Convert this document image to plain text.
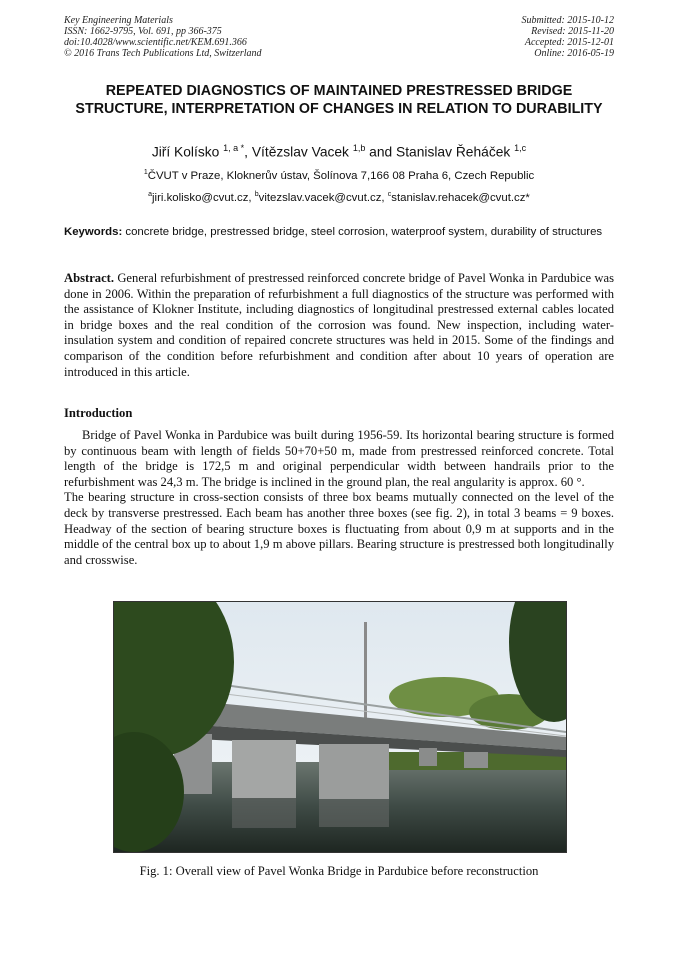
Key Engineering Materials
ISSN: 1662-9795, Vol. 691, pp 366-375
doi:10.4028/www.scientific.net/KEM.691.366
© 2016 Trans Tech Publications Ltd, Switzerland
Submitted: 2015-10-12
Revised: 2015-11-20
Accepted: 2015-12-01
Online: 2016-05-19
REPEATED DIAGNOSTICS OF MAINTAINED PRESTRESSED BRIDGE STRUCTURE, INTERPRETATION OF CHANGES IN RELATION TO DURABILITY
Jiří Kolísko $^{1, a *}$, Vítězslav Vacek $^{1,b}$ and Stanislav Řeháček $^{1,c}$
$^1$ČVUT v Praze, Kloknerův ústav, Šolínova 7,166 08 Praha 6, Czech Republic
$^a$jiri.kolisko@cvut.cz, $^b$vitezslav.vacek@cvut.cz, $^c$stanislav.rehacek@cvut.cz*
Keywords: concrete bridge, prestressed bridge, steel corrosion, waterproof system, durability of structures
Abstract. General refurbishment of prestressed reinforced concrete bridge of Pavel Wonka in Pardubice was done in 2006. Within the preparation of refurbishment a full diagnostics of the structure was performed with the assistance of Klokner Institute, including diagnostics of longitudinal prestressed external cables located in bridge boxes and the real condition of the corrosion was found. New inspection, including water-insulation system and condition of repaired concrete structures was held in 2015. Some of the findings and comparison of the condition before refurbishment and condition after about 10 years of operation are introduced in this article.
Introduction

Bridge of Pavel Wonka in Pardubice was built during 1956-59. Its horizontal bearing structure is formed by continuous beam with length of fields 50+70+50 m, made from prestressed reinforced concrete. Total length of the bridge is 172,5 m and original perpendicular width between handrails prior to the refurbishment was 24,3 m. The bridge is inclined in the ground plan, the real angularity is approx. 60 °.

The bearing structure in cross-section consists of three box beams mutually connected on the level of the deck by transverse prestressed. Each beam has another three boxes (see fig. 2), in total 3 beams = 9 boxes. Headway of the section of bearing structure boxes is fluctuating from about 0,9 m at supports and in the middle of the central box up to about 1,9 m above pillars. Bearing structure is prestressed both longitudinally and crosswise.

Fig. 1: Overall view of Pavel Wonka Bridge in Pardubice before reconstruction
